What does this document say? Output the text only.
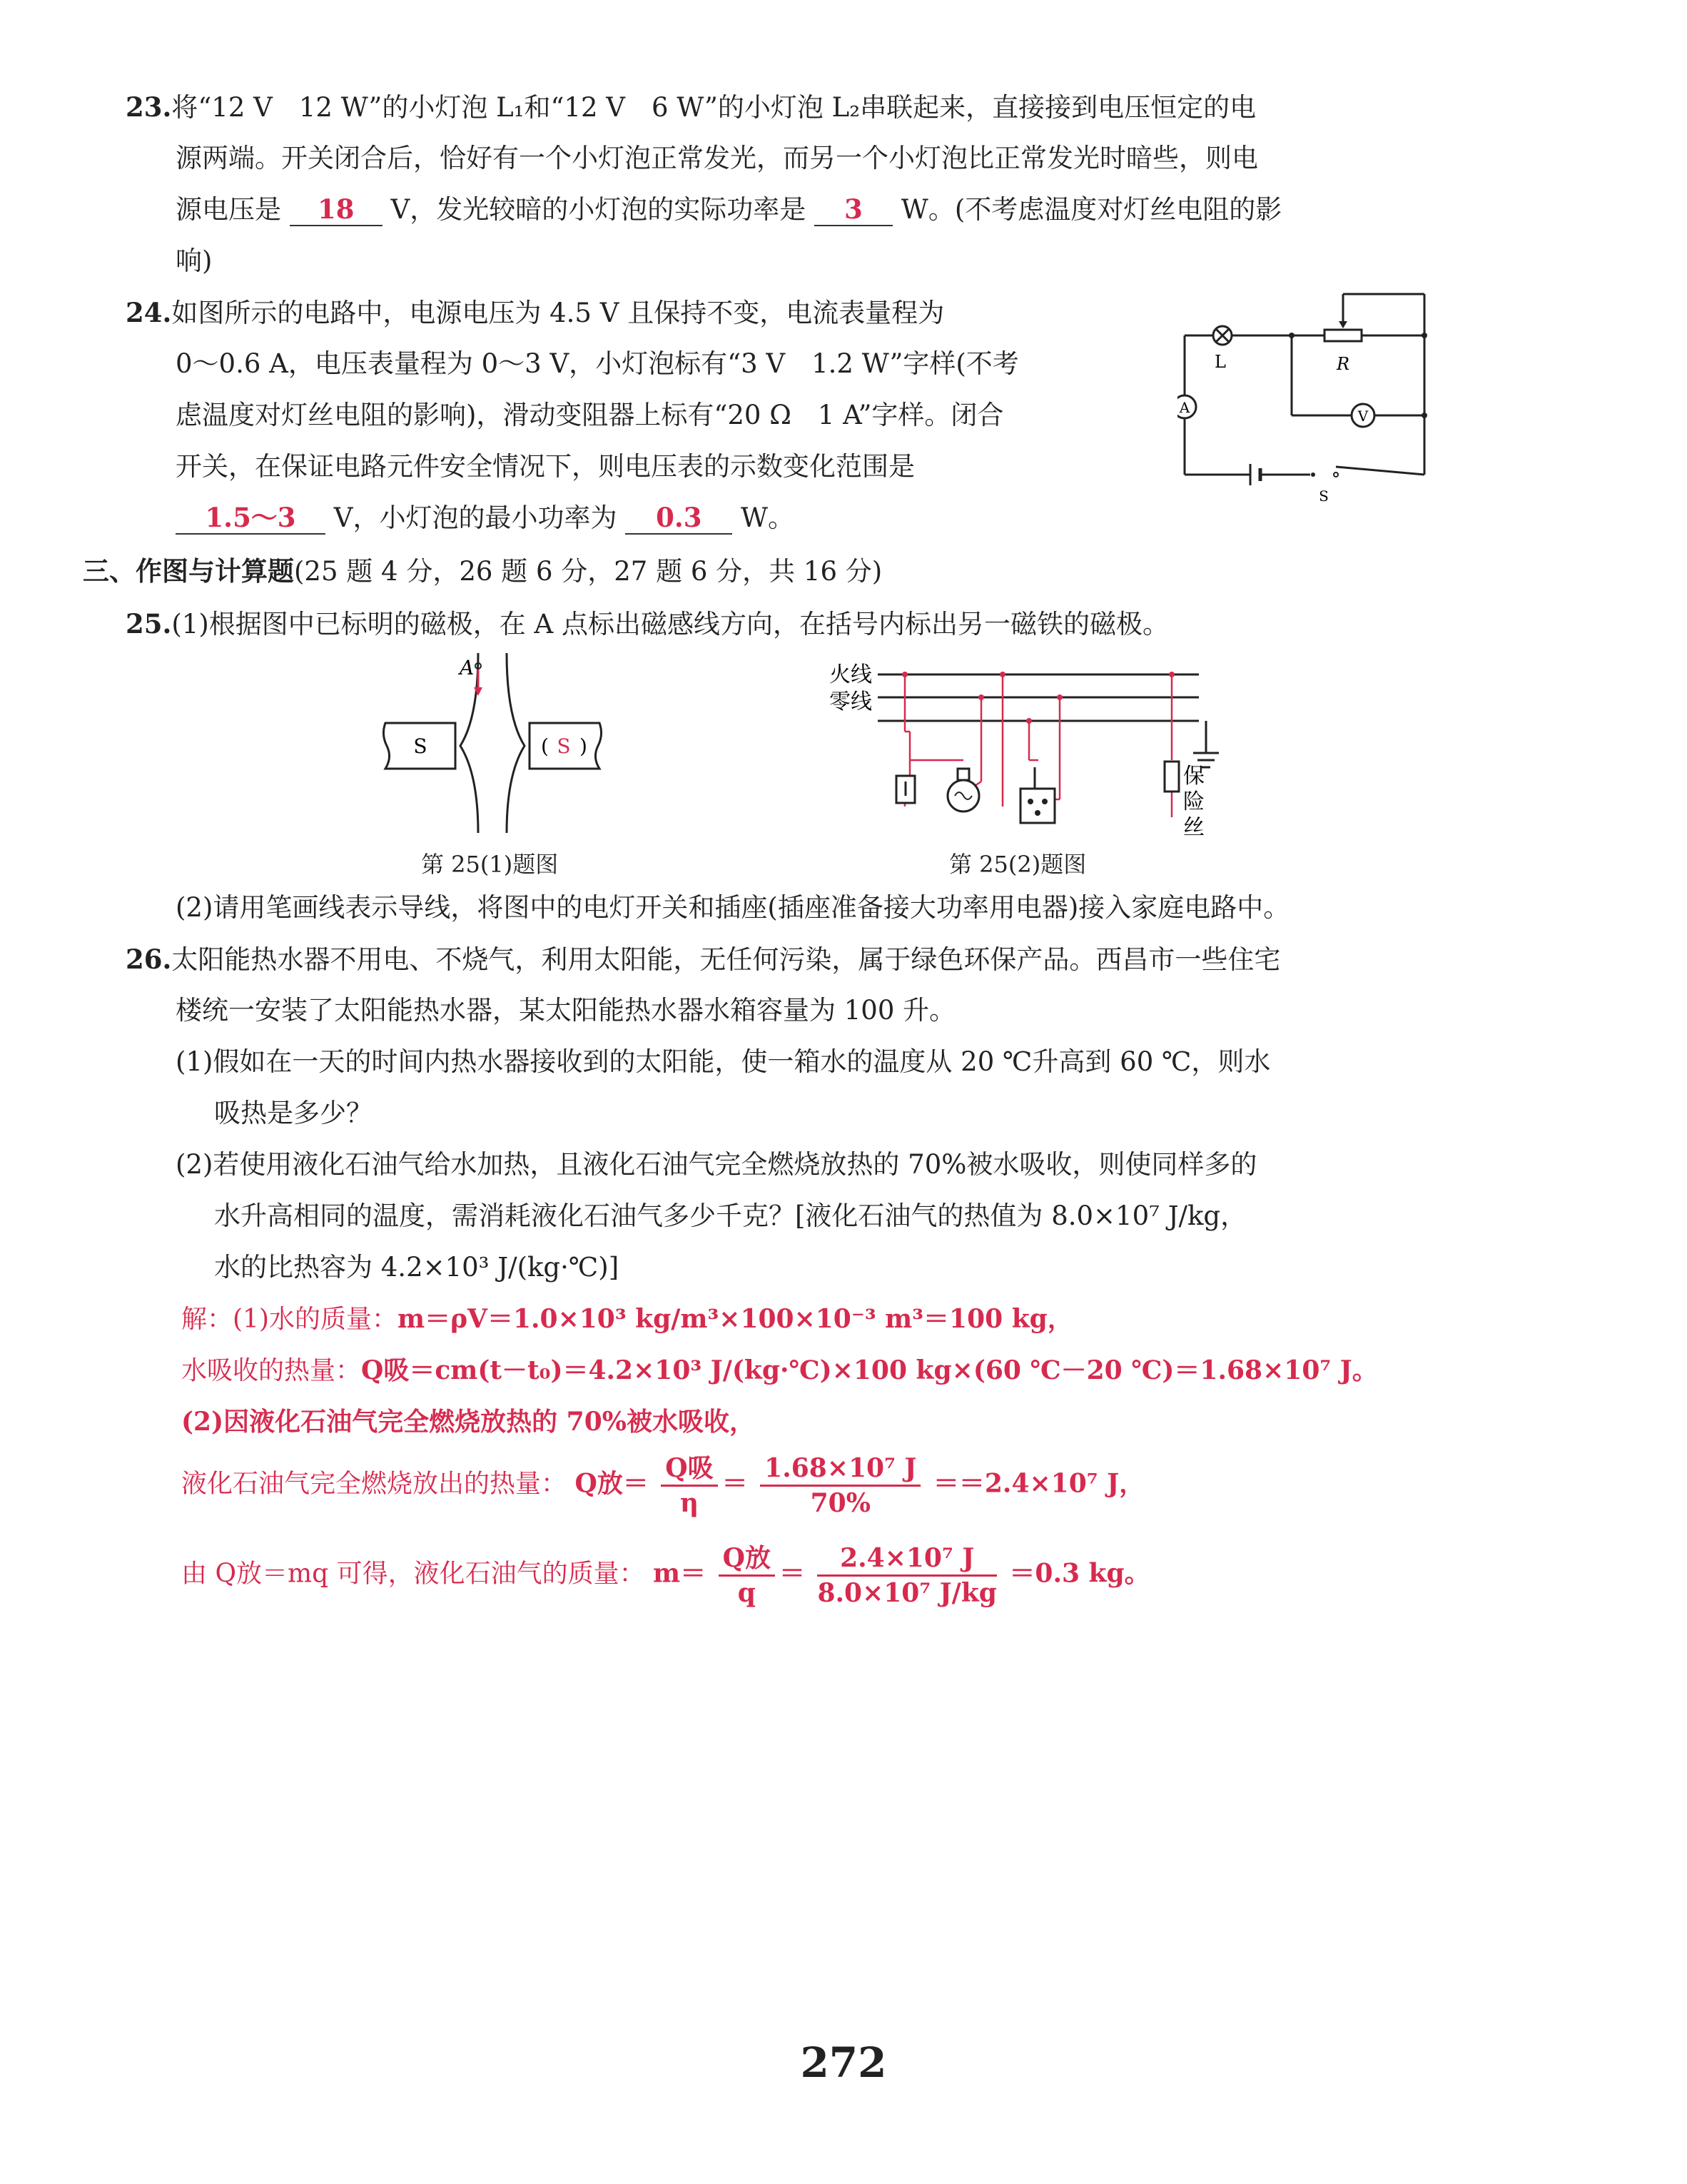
23.将“12 V　12 W”的小灯泡 L₁和“12 V　6 W”的小灯泡 L₂串联起来，直接接到电压恒定的电
源两端。开关闭合后，恰好有一个小灯泡正常发光，而另一个小灯泡比正常发光时暗些，则电
源电压是 18 V，发光较暗的小灯泡的实际功率是 3 W。(不考虑温度对灯丝电阻的影
响)
24.如图所示的电路中，电源电压为 4.5 V 且保持不变，电流表量程为
0～0.6 A，电压表量程为 0～3 V，小灯泡标有“3 V　1.2 W”字样(不考
虑温度对灯丝电阻的影响)，滑动变阻器上标有“20 Ω　1 A”字样。闭合
开关，在保证电路元件安全情况下，则电压表的示数变化范围是
1.5～3 V，小灯泡的最小功率为 0.3 W。
L	R
A	V
S
三、作图与计算题(25 题 4 分，26 题 6 分，27 题 6 分，共 16 分)
25.(1)根据图中已标明的磁极，在 A 点标出磁感线方向，在括号内标出另一磁铁的磁极。
A
S	( S )
第 25(1)题图
火线
零线
保
险
丝
第 25(2)题图
(2)请用笔画线表示导线，将图中的电灯开关和插座(插座准备接大功率用电器)接入家庭电路中。
26.太阳能热水器不用电、不烧气，利用太阳能，无任何污染，属于绿色环保产品。西昌市一些住宅
楼统一安装了太阳能热水器，某太阳能热水器水箱容量为 100 升。
(1)假如在一天的时间内热水器接收到的太阳能，使一箱水的温度从 20 ℃升高到 60 ℃，则水
吸热是多少？
(2)若使用液化石油气给水加热，且液化石油气完全燃烧放热的 70%被水吸收，则使同样多的
水升高相同的温度，需消耗液化石油气多少千克？[液化石油气的热值为 8.0×10⁷ J/kg，
水的比热容为 4.2×10³ J/(kg·℃)]
解：(1)水的质量：m＝ρV＝1.0×10³ kg/m³×100×10⁻³ m³＝100 kg，
水吸收的热量：Q吸＝cm(t－t₀)＝4.2×10³ J/(kg·℃)×100 kg×(60 ℃－20 ℃)＝1.68×10⁷ J。
(2)因液化石油气完全燃烧放热的 70%被水吸收，
液化石油气完全燃烧放出的热量： Q放＝ $\frac{\text{Q吸}}{\eta} = \frac{\text{1.68×10⁷ J}}{70\%} ==2.4\times 10^7$ J，
由 Q放＝mq 可得，液化石油气的质量： $m= \frac{\text{Q放}}{q} = \frac{\text{2.4×10⁷ J}}{\text{8.0×10⁷ J/kg}} =0.3$ kg。
272
